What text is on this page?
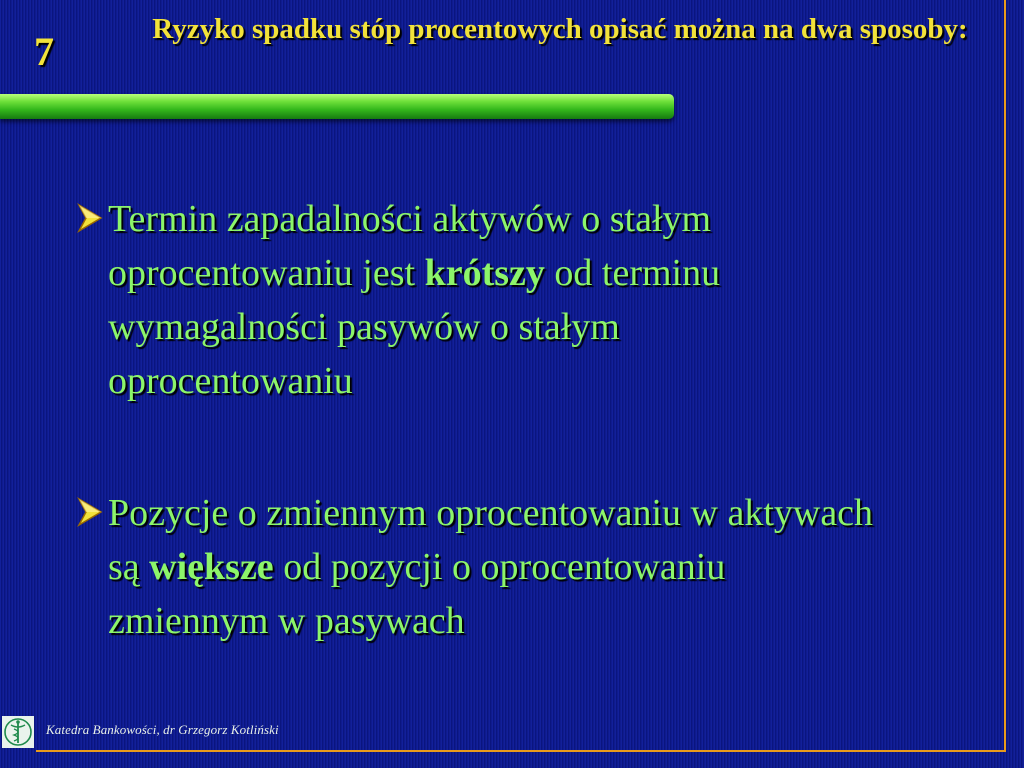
7	Ryzyko spadku stóp procentowych opisać można na dwa sposoby:
Termin zapadalności aktywów o stałym oprocentowaniu jest krótszy od terminu wymagalności pasywów o stałym oprocentowaniu
Pozycje o zmiennym oprocentowaniu w aktywach są większe od pozycji o oprocentowaniu zmiennym w pasywach
Katedra Bankowości, dr Grzegorz Kotliński
